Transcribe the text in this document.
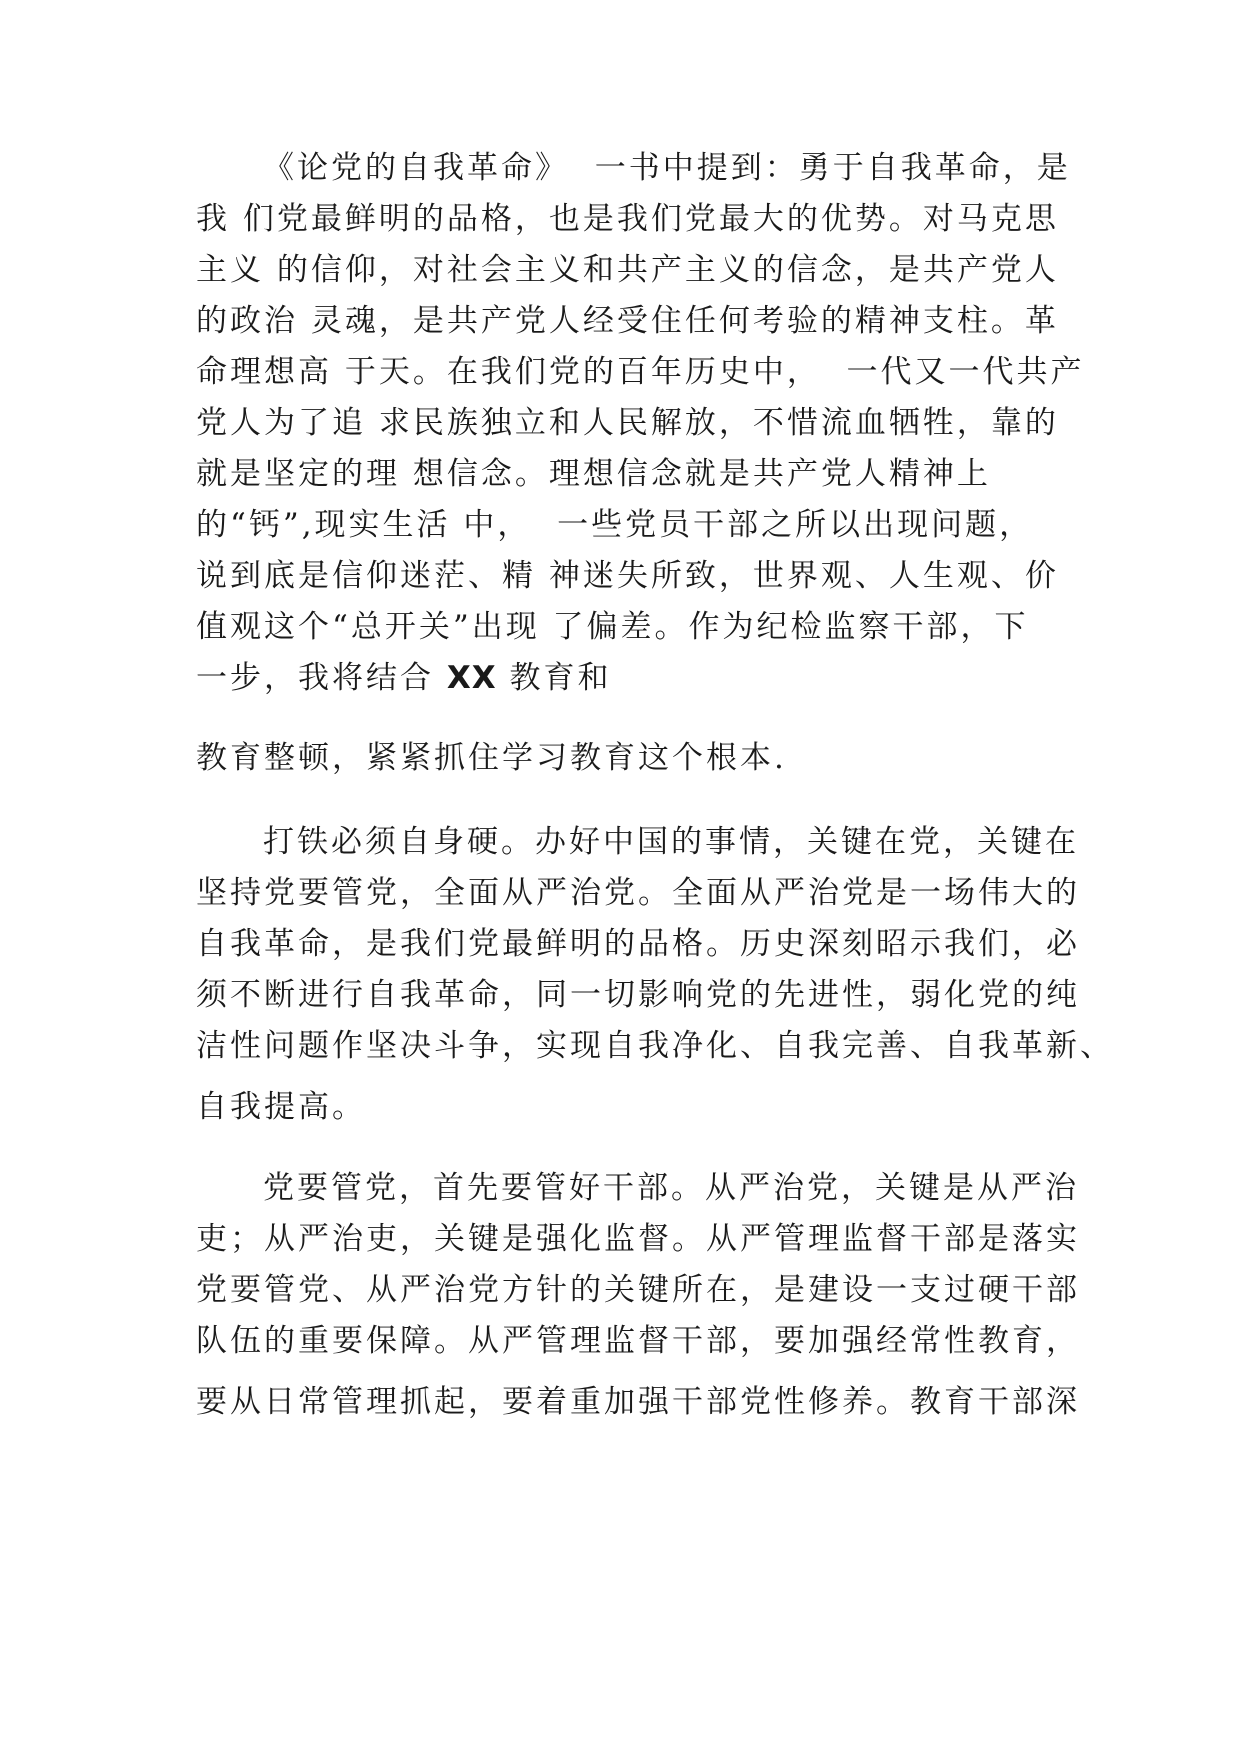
《论党的自我革命》  一书中提到：勇于自我革命，是

我 们党最鲜明的品格，也是我们党最大的优势。对马克思

主义 的信仰，对社会主义和共产主义的信念，是共产党人

的政治 灵魂，是共产党人经受住任何考验的精神支柱。革

命理想高 于天。在我们党的百年历史中，  一代又一代共产

党人为了追 求民族独立和人民解放，不惜流血牺牲，靠的

就是坚定的理 想信念。理想信念就是共产党人精神上

的“钙”,现实生活 中，  一些党员干部之所以出现问题，

说到底是信仰迷茫、精 神迷失所致，世界观、人生观、价

值观这个“总开关”出现 了偏差。作为纪检监察干部，下

一步，我将结合 XX 教育和

教育整顿，紧紧抓住学习教育这个根本.

打铁必须自身硬。办好中国的事情，关键在党，关键在

坚持党要管党，全面从严治党。全面从严治党是一场伟大的

自我革命，是我们党最鲜明的品格。历史深刻昭示我们，必

须不断进行自我革命，同一切影响党的先进性，弱化党的纯

洁性问题作坚决斗争，实现自我净化、自我完善、自我革新、

自我提高。

党要管党，首先要管好干部。从严治党，关键是从严治

吏；从严治吏，关键是强化监督。从严管理监督干部是落实

党要管党、从严治党方针的关键所在，是建设一支过硬干部

队伍的重要保障。从严管理监督干部，要加强经常性教育，

要从日常管理抓起，要着重加强干部党性修养。教育干部深
